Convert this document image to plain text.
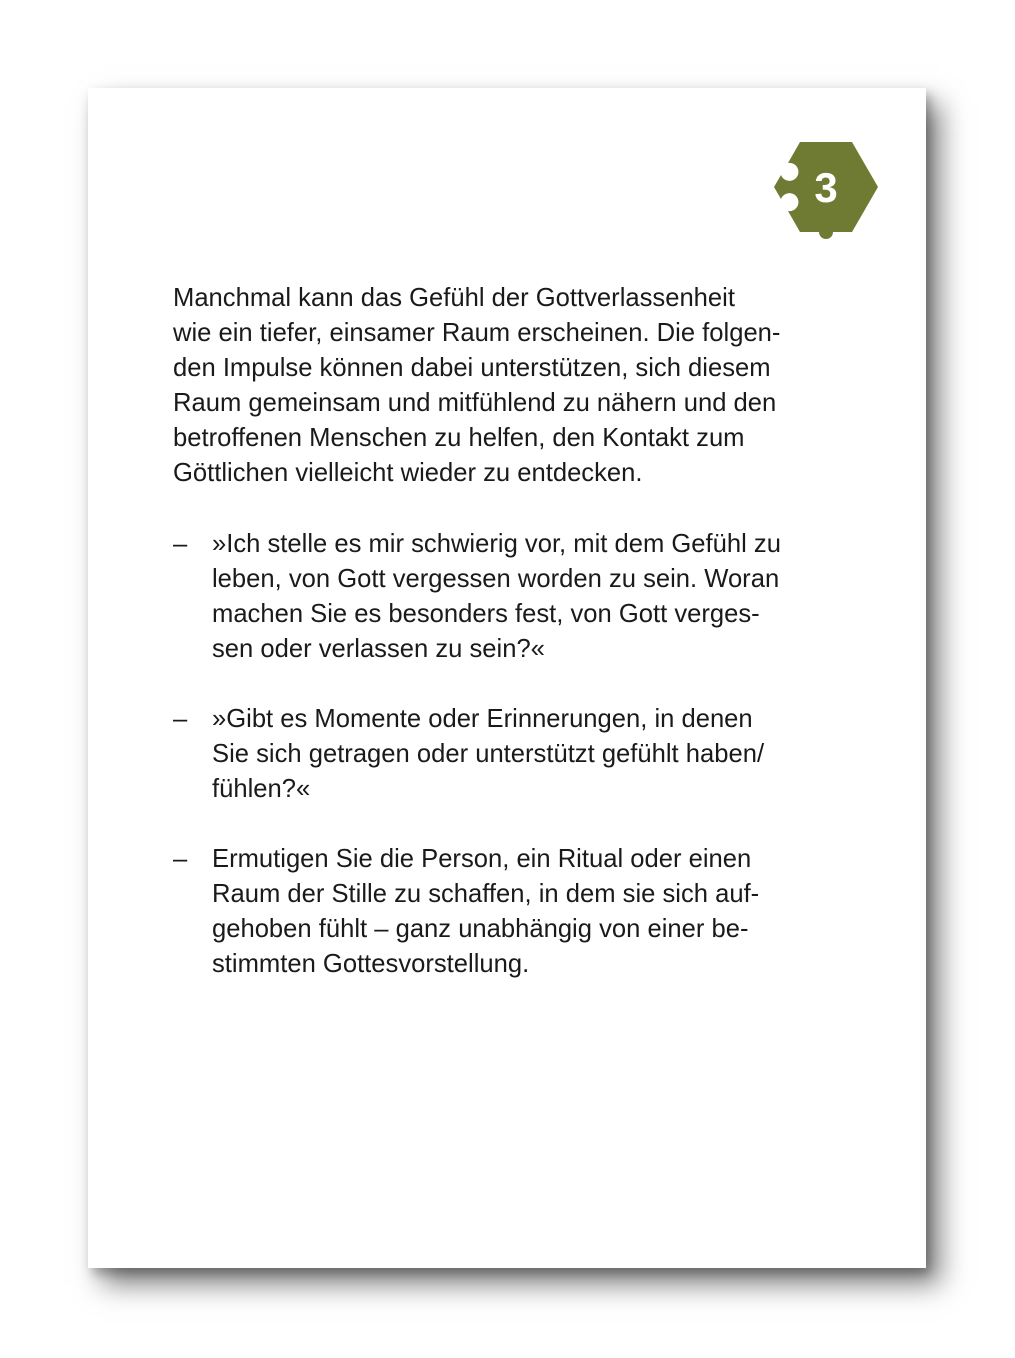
3

Manchmal kann das Gefühl der Gottverlassenheit
wie ein tiefer, einsamer Raum erscheinen. Die folgen-
den Impulse können dabei unterstützen, sich diesem
Raum gemeinsam und mitfühlend zu nähern und den
betroffenen Menschen zu helfen, den Kontakt zum
Göttlichen vielleicht wieder zu entdecken.

– »Ich stelle es mir schwierig vor, mit dem Gefühl zu
leben, von Gott vergessen worden zu sein. Woran
machen Sie es besonders fest, von Gott verges-
sen oder verlassen zu sein?«
– »Gibt es Momente oder Erinnerungen, in denen
Sie sich getragen oder unterstützt gefühlt haben/
fühlen?«
– Ermutigen Sie die Person, ein Ritual oder einen
Raum der Stille zu schaffen, in dem sie sich auf-
gehoben fühlt – ganz unabhängig von einer be-
stimmten Gottesvorstellung.
